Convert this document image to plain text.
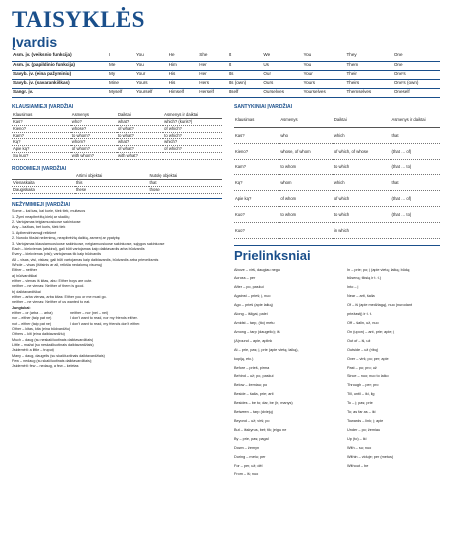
TAISYKLĖS
Įvardis
Asm. įv. (veiksnio funkcija)	I	You	He	She	It	We	You	They	One
Asm. įv. (papildinio funkcija)	Me	You	Him	Her	It	Us	You	Them	One
Savyb. įv. (eina pažyminiu)	My	Your	His	Her	Its	Our	Your	Their	One's
Savyb. įv. (savarankiškas)	Mine	Yours	His	Hers	Its (own)	Ours	Yours	Theirs	One's (own)
Sangr. įv.	Myself	Yourself	Himself	Herself	Itself	Ourselves	Yourselves	Themselves	Oneself
KLAUSIAMIEJI ĮVARDŽIAI
Klausimas	Asmenys	Daiktai	Asmenys ir daiktai
Kas?	who?	what?	which? (kuris?)
Kieno?	whose?	of what?	of which?
Kam?	to whom?	to what?	to which?
Ką?	whom?	what?	which?
Apie ką?	of whom?	of what?	of which?
Su kuo?	with whom?	with what?	
RODOMIEJI ĮVARDŽIAI
	Artimi objektai	Nutolę objektai
Vienaskaita	this	that
Daugiskaita	these	those
NEŽYMIMIEJI ĮVARDŽIAI
Some – kai kas, kai kurie, šiek tiek, muitavos
1. Žymi neapibrėžtą kiekį ar skaičių
2. Vartojamas teigiamuosiuose sakiniuose
Any – kažkas, bet kuris, šiek tiek
1. Apibendrinamąji reikšmė
2. Nurodo tikslai neženimą, neapibrėžtą daiktą, asmenį ar ypatybę
3. Vartojamas klausiamuosiuose sakiniuose, neigiamuosiuose sakiniuose, sąlygos sakiniuose
Each – kiekvienas (atskirai), gali būti vartojamas kaip daiktavardis arba būdvardis
Every – kiekvienas (visi); vartojamas tik kaip būdvardis
All – visas, visi, viskas; gali būti vartojamas kaip daiktavardis, būdvardis arba prieveiksmis
Whole – visas (ištisinis ar all, reikšia nedalomą visumą)
Either – neither
a) būdvardiškai
either – vienas iš kitas, abu: Either boys are cute.
neither – ne vienas: Neither of them is good.
b) daiktavardiškai
either – arba vienas, arba kitas: Either you or me must go.
neither – ne vienas: Neither of us wanted to eat.
Jungtukai:
either – or (arba … arba)	neither – nor (nei – nei)
nor – either (taip pat ne)	I don't want to read, nor my friends either.
not – either (taip pat ne)	I don't want to read, my friends don't either.
Other – kitas, kita (eina būdvardžiu)
Others – kiti (eina daiktavardžiu)
Much – daug (su neskaičiuotinais daiktavardžiais)
Little – mažai (su neskaičiuotinais daiktavardžiais)
Jsidemėti: a little – truputį
Many – daug, daugelis (su skaičiuotinais daiktavardžiais)
Few – nedaug (su skaičiuotinais daiktavardžiais);
Jsidemėti: few – nedaug, a few – keletas
SANTYKINIAI ĮVARDŽIAI
Klausimas	Asmenys	Daiktai	Asmenys ir daiktai
Kas?	who	which	that
Kieno?	whose, of whom	of which, of whose	(that … of)
Kam?	to whom	to which	(that … to)
Ką?	whom	which	that
Apie ką?	of whom	of which	(that … of)
Kuo?	to whom	to which	(that … to)
Kuo?		in which	
Prielinksniai
Above – virš, daugiau negu
Across – per
After – po, paskui
Against – prieš; į, nuo
Ago – prieš (apie laiką)
Along – išilgai, palei
Amidst – tarp, (tio) metu
Among – tarp (daugelio); iš
(A)round – apie, aplink
At – prie, pas; į, prie (apie vietą; laiką),
kopiją, etc.)
Before – prieš, pirma
Behind – už; po, paskui
Below – žemiau; po
Beside – šalia, prie; arti
Besides – be to; dar, be (ir, manys)
Between – tarp (dviejų)
Beyond – už; virš; po
But – išskyrus, bet; tik; jeigu ne
By – prie, pas; pagal
Down – žemyn
During – metu; per
For – per, už; dėl
From – iš; nuo
In – prie; po; į (apie vietą; laiką; būdą;
būseną; tiksią ir t. t.)
Into – į
Near – arti, šalia
Of – iš (apie medžiagą), nuo (nurodant
priežastį) ir t. t.
Off – šalin, už, nuo
On (upon) – ant, prie; apie; į
Out of – iš, už
Outside – už (ribų)
Over – virš; po; per; apie
Past – po; pro; už
Since – nuo; nuo to laiko
Through – per; pro
Till, until – iki, lig
To – į; pas; prie
To; as far as – iki
Towards – link; į; apie
Under – po; žemiau
Up (to) – iki
With – su; nuo
Within – viduje; per (metus)
Without – be
